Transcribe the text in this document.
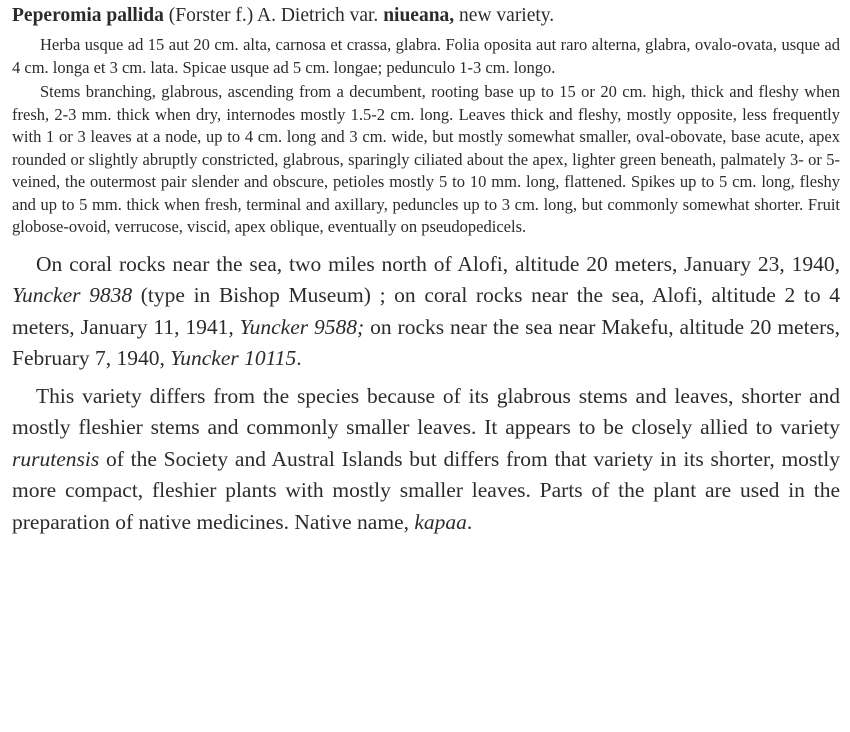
Peperomia pallida (Forster f.) A. Dietrich var. niueana, new variety.

Herba usque ad 15 aut 20 cm. alta, carnosa et crassa, glabra. Folia oposita aut raro alterna, glabra, ovalo-ovata, usque ad 4 cm. longa et 3 cm. lata. Spicae usque ad 5 cm. longae; pedunculo 1-3 cm. longo.

Stems branching, glabrous, ascending from a decumbent, rooting base up to 15 or 20 cm. high, thick and fleshy when fresh, 2-3 mm. thick when dry, internodes mostly 1.5-2 cm. long. Leaves thick and fleshy, mostly opposite, less frequently with 1 or 3 leaves at a node, up to 4 cm. long and 3 cm. wide, but mostly somewhat smaller, oval-obovate, base acute, apex rounded or slightly abruptly constricted, glabrous, sparingly ciliated about the apex, lighter green beneath, palmately 3- or 5-veined, the outermost pair slender and obscure, petioles mostly 5 to 10 mm. long, flattened. Spikes up to 5 cm. long, fleshy and up to 5 mm. thick when fresh, terminal and axillary, peduncles up to 3 cm. long, but commonly somewhat shorter. Fruit globose-ovoid, verrucose, viscid, apex oblique, eventually on pseudopedicels.

On coral rocks near the sea, two miles north of Alofi, altitude 20 meters, January 23, 1940, Yuncker 9838 (type in Bishop Museum) ; on coral rocks near the sea, Alofi, altitude 2 to 4 meters, January 11, 1941, Yuncker 9588; on rocks near the sea near Makefu, altitude 20 meters, February 7, 1940, Yuncker 10115.

This variety differs from the species because of its glabrous stems and leaves, shorter and mostly fleshier stems and commonly smaller leaves. It appears to be closely allied to variety rurutensis of the Society and Austral Islands but differs from that variety in its shorter, mostly more compact, fleshier plants with mostly smaller leaves. Parts of the plant are used in the preparation of native medicines. Native name, kapaa.
